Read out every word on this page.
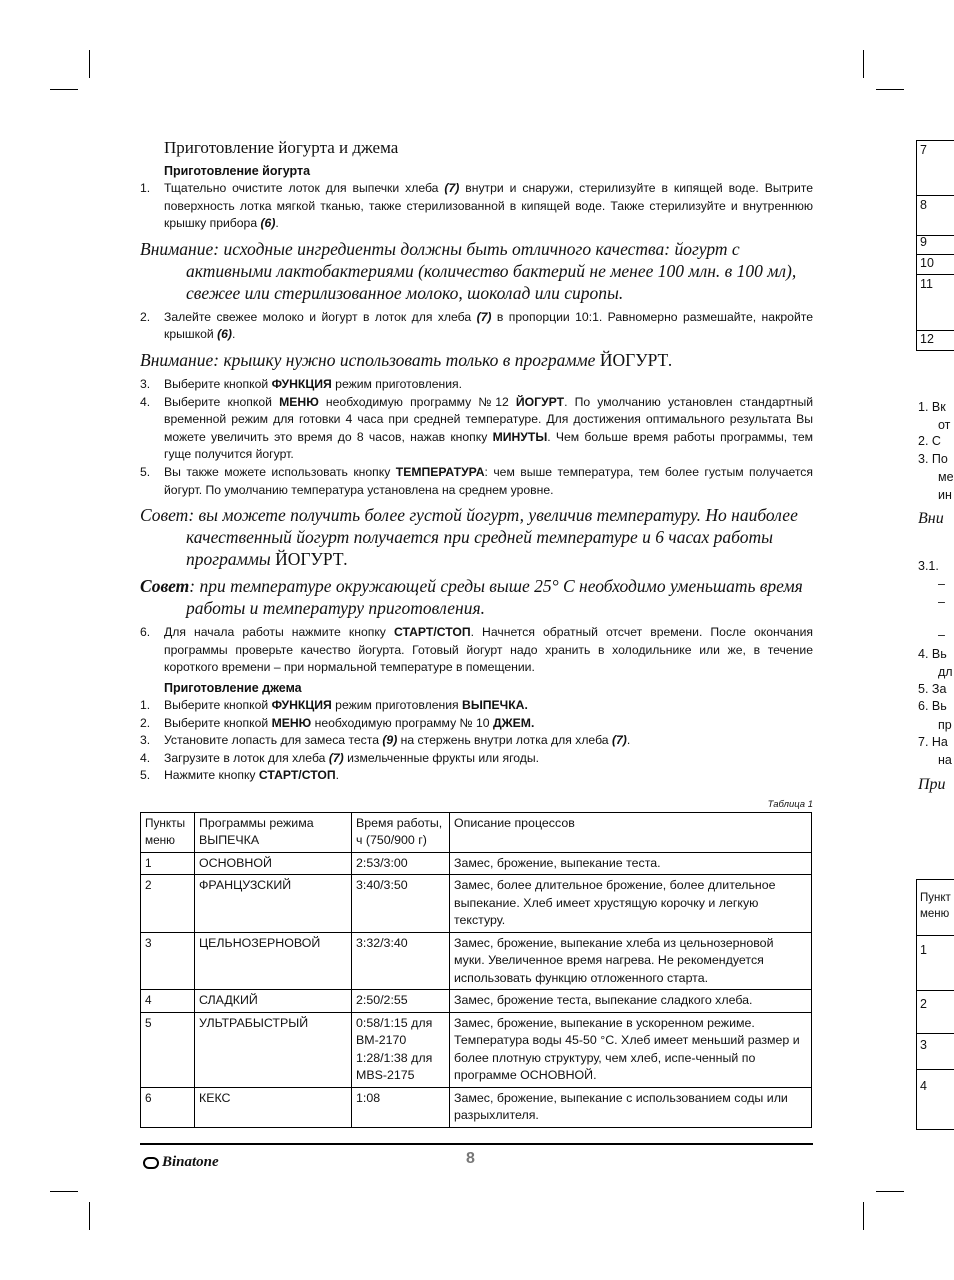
Приготовление йогурта и джема
Приготовление йогурта
1. Тщательно очистите лоток для выпечки хлеба (7) внутри и снаружи, стерилизуйте в кипящей воде. Вытрите поверхность лотка мягкой тканью, также стерилизованной в кипящей воде. Также стерилизуйте и внутреннюю крышку прибора (6).
Внимание: исходные ингредиенты должны быть отличного качества: йогурт с активными лактобактериями (количество бактерий не менее 100 млн. в 100 мл), свежее или стерилизованное молоко, шоколад или сиропы.
2. Залейте свежее молоко и йогурт в лоток для хлеба (7) в пропорции 10:1. Равномерно размешайте, накройте крышкой (6).
Внимание: крышку нужно использовать только в программе ЙОГУРТ.
3. Выберите кнопкой ФУНКЦИЯ режим приготовления.
4. Выберите кнопкой МЕНЮ необходимую программу №12 ЙОГУРТ. По умолчанию установлен стандартный временной режим для готовки 4 часа при средней температуре. Для достижения оптимального результата Вы можете увеличить это время до 8 часов, нажав кнопку МИНУТЫ. Чем больше время работы программы, тем гуще получится йогурт.
5. Вы также можете использовать кнопку ТЕМПЕРАТУРА: чем выше температура, тем более густым получается йогурт. По умолчанию температура установлена на среднем уровне.
Совет: вы можете получить более густой йогурт, увеличив температуру. Но наиболее качественный йогурт получается при средней температуре и 6 часах работы программы ЙОГУРТ.
Совет: при температуре окружающей среды выше 25° С необходимо уменьшать время работы и температуру приготовления.
6. Для начала работы нажмите кнопку СТАРТ/СТОП. Начнется обратный отсчет времени. После окончания программы проверьте качество йогурта. Готовый йогурт надо хранить в холодильнике или же, в течение короткого времени – при нормальной температуре в помещении.
Приготовление джема
1. Выберите кнопкой ФУНКЦИЯ режим приготовления ВЫПЕЧКА.
2. Выберите кнопкой МЕНЮ необходимую программу № 10 ДЖЕМ.
3. Установите лопасть для замеса теста (9) на стержень внутри лотка для хлеба (7).
4. Загрузите в лоток для хлеба (7) измельченные фрукты или ягоды.
5. Нажмите кнопку СТАРТ/СТОП.
Таблица 1
Пункты меню	Программы режима ВЫПЕЧКА	Время работы, ч (750/900 г)	Описание процессов
1	ОСНОВНОЙ	2:53/3:00	Замес, брожение, выпекание теста.
2	ФРАНЦУЗСКИЙ	3:40/3:50	Замес, более длительное брожение, более длительное выпекание. Хлеб имеет хрустящую корочку и легкую текстуру.
3	ЦЕЛЬНОЗЕРНОВОЙ	3:32/3:40	Замес, брожение, выпекание хлеба из цельнозерновой муки. Увеличенное время нагрева. Не рекомендуется использовать функцию отложенного старта.
4	СЛАДКИЙ	2:50/2:55	Замес, брожение теста, выпекание сладкого хлеба.
5	УЛЬТРАБЫСТРЫЙ	0:58/1:15 для BM-2170 1:28/1:38 для MBS-2175	Замес, брожение, выпекание в ускоренном режиме. Температура воды 45-50 °C. Хлеб имеет меньший размер и более плотную структуру, чем хлеб, испе-ченный по программе ОСНОВНОЙ.
6	КЕКС	1:08	Замес, брожение, выпекание с использованием соды или разрыхлителя.
Binatone	8
7
8
9
10
11
12
1. Вк
от
2. С
3. По
ме
ин
Вни
3.1.
–
–
–
4. Вь
дл
5. За
6. Вь
пр
7. На
на
При
Пункт
меню
1
2
3
4
